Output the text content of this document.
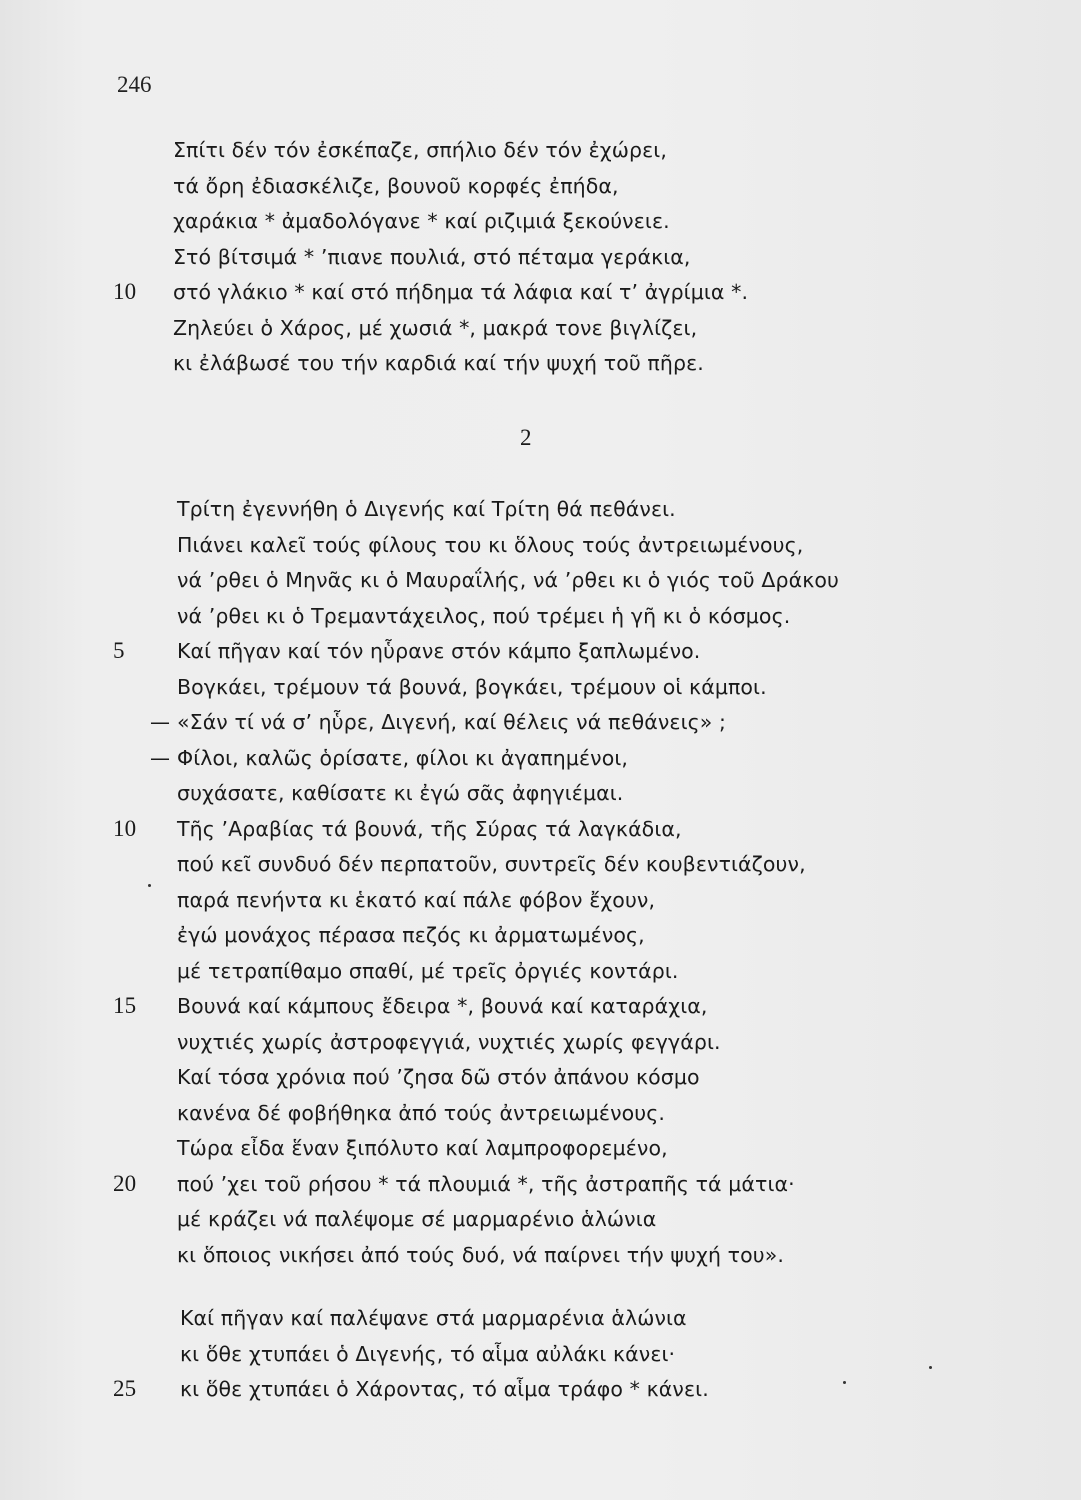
246
Σπίτι δέν τόν ἐσκέπαζε, σπήλιο δέν τόν ἐχώρει,
τά ὄρη ἐδιασκέλιζε, βουνοῦ κορφές ἐπήδα,
χαράκια * ἀμαδολόγανε * καί ριζιμιά ξεκούνειε.
Στό βίτσιμά * ’πιανε πουλιά, στό πέταμα γεράκια,
10 στό γλάκιο * καί στό πήδημα τά λάφια καί τ’ ἀγρίμια *.
Ζηλεύει ὁ Χάρος, μέ χωσιά *, μακρά τονε βιγλίζει,
κι ἐλάβωσέ του τήν καρδιά καί τήν ψυχή τοῦ πῆρε.
2
Τρίτη ἐγεννήθη ὁ Διγενής καί Τρίτη θά πεθάνει.
Πιάνει καλεῖ τούς φίλους του κι ὅλους τούς ἀντρειωμένους,
νά ’ρθει ὁ Μηνᾶς κι ὁ Μαυραΐλής, νά ’ρθει κι ὁ γιός τοῦ Δράκου
νά ’ρθει κι ὁ Τρεμαντάχειλος, πού τρέμει ἡ γῆ κι ὁ κόσμος.
5	Καί πῆγαν καί τόν ηὗρανε στόν κάμπο ξαπλωμένο.
Βογκάει, τρέμουν τά βουνά, βογκάει, τρέμουν οἱ κάμποι.
— «Σάν τί νά σ’ ηὗρε, Διγενή, καί θέλεις νά πεθάνεις» ;
— Φίλοι, καλῶς ὁρίσατε, φίλοι κι ἀγαπημένοι,
συχάσατε, καθίσατε κι ἐγώ σᾶς ἀφηγιέμαι.
10 Τῆς ’Αραβίας τά βουνά, τῆς Σύρας τά λαγκάδια,
πού κεῖ συνδυό δέν περπατοῦν, συντρεῖς δέν κουβεντιάζουν,
παρά πενήντα κι ἑκατό καί πάλε φόβον ἔχουν,
ἐγώ μονάχος πέρασα πεζός κι ἀρματωμένος,
μέ τετραπίθαμο σπαθί, μέ τρεῖς ὀργιές κοντάρι.
15 Βουνά καί κάμπους ἔδειρα *, βουνά καί καταράχια,
νυχτιές χωρίς ἀστροφεγγιά, νυχτιές χωρίς φεγγάρι.
Καί τόσα χρόνια πού ’ζησα δῶ στόν ἀπάνου κόσμο
κανένα δέ φοβήθηκα ἀπό τούς ἀντρειωμένους.
Τώρα εἶδα ἕναν ξιπόλυτο καί λαμπροφορεμένο,
20 πού ’χει τοῦ ρήσου * τά πλουμιά *, τῆς ἀστραπῆς τά μάτια·
μέ κράζει νά παλέψομε σέ μαρμαρένιο ἁλώνια
κι ὅποιος νικήσει ἀπό τούς δυό, νά παίρνει τήν ψυχή του».
Καί πῆγαν καί παλέψανε στά μαρμαρένια ἁλώνια
κι ὅθε χτυπάει ὁ Διγενής, τό αἷμα αὐλάκι κάνει·
25 κι ὅθε χτυπάει ὁ Χάροντας, τό αἷμα τράφο * κάνει.
